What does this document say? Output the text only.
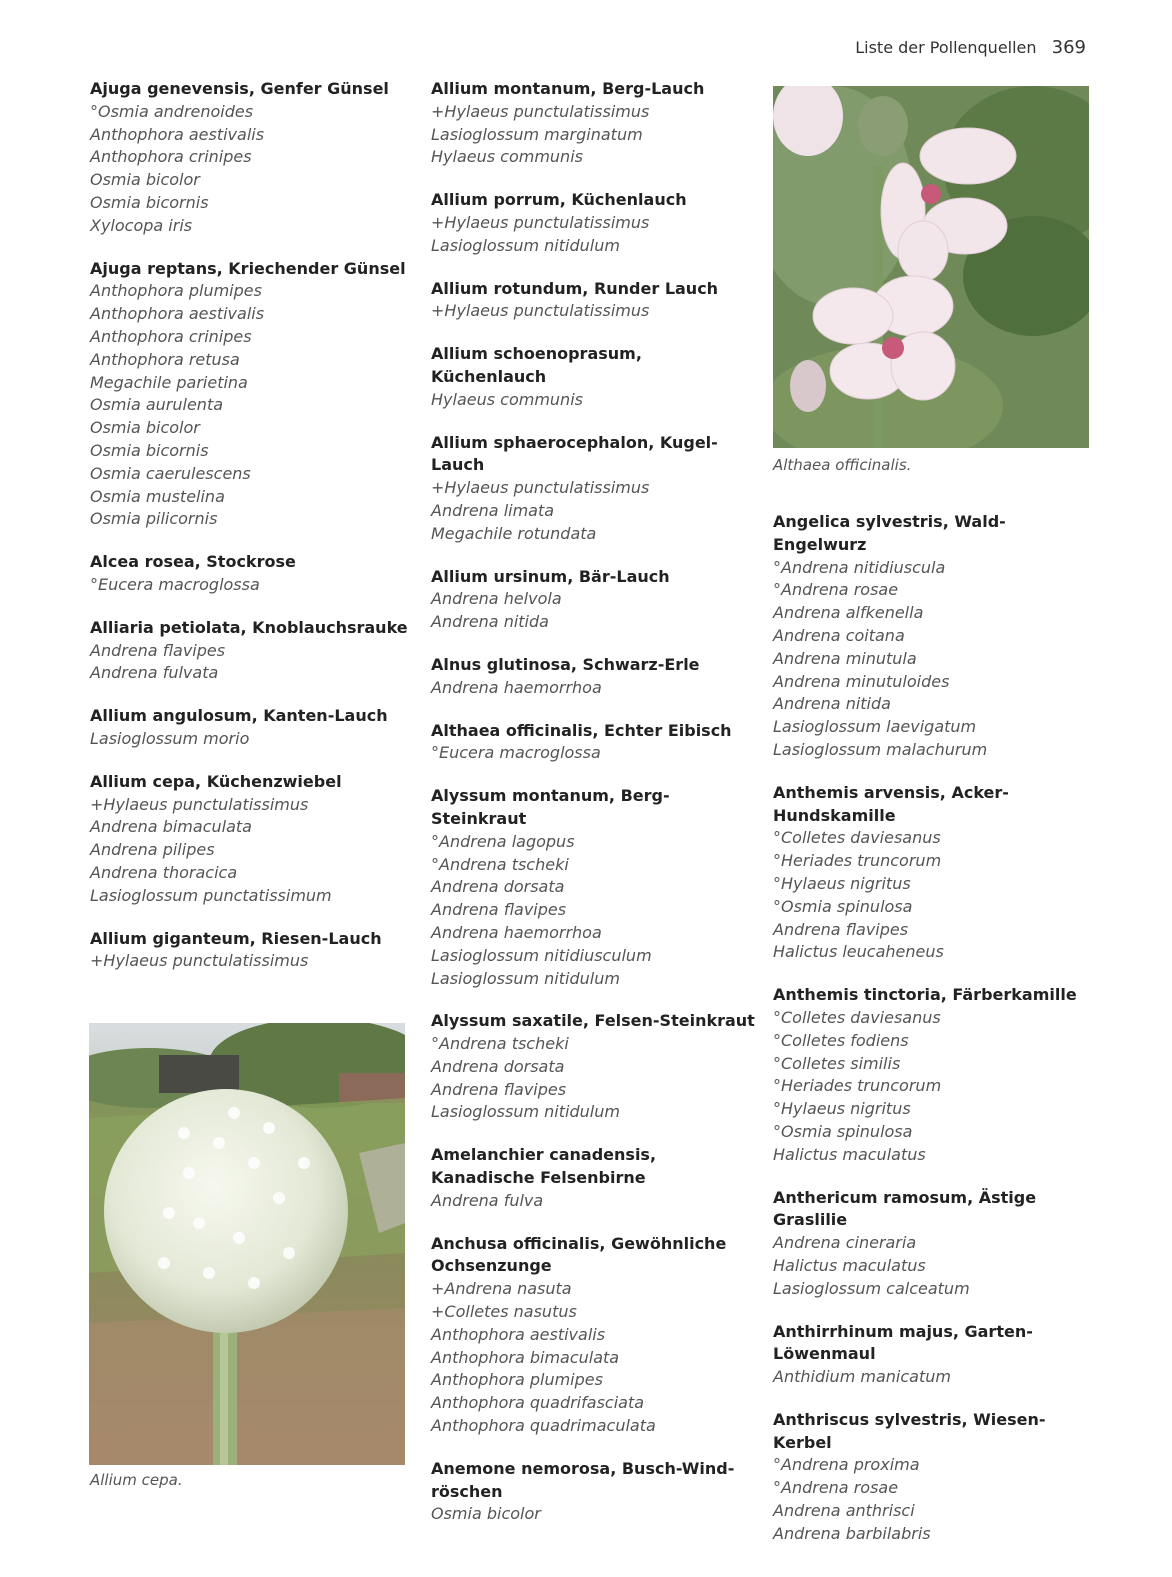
Liste der Pollenquellen 369
Ajuga genevensis, Genfer Günsel
°Osmia andrenoides
Anthophora aestivalis
Anthophora crinipes
Osmia bicolor
Osmia bicornis
Xylocopa iris
Ajuga reptans, Kriechender Günsel
Anthophora plumipes
Anthophora aestivalis
Anthophora crinipes
Anthophora retusa
Megachile parietina
Osmia aurulenta
Osmia bicolor
Osmia bicornis
Osmia caerulescens
Osmia mustelina
Osmia pilicornis
Alcea rosea, Stockrose
°Eucera macroglossa
Alliaria petiolata, Knoblauchsrauke
Andrena flavipes
Andrena fulvata
Allium angulosum, Kanten-Lauch
Lasioglossum morio
Allium cepa, Küchenzwiebel
+Hylaeus punctulatissimus
Andrena bimaculata
Andrena pilipes
Andrena thoracica
Lasioglossum punctatissimum
Allium giganteum, Riesen-Lauch
+Hylaeus punctulatissimus
Allium montanum, Berg-Lauch
+Hylaeus punctulatissimus
Lasioglossum marginatum
Hylaeus communis
Allium porrum, Küchenlauch
+Hylaeus punctulatissimus
Lasioglossum nitidulum
Allium rotundum, Runder Lauch
+Hylaeus punctulatissimus
Allium schoenoprasum, Küchenlauch
Hylaeus communis
Allium sphaerocephalon, Kugel-Lauch
+Hylaeus punctulatissimus
Andrena limata
Megachile rotundata
Allium ursinum, Bär-Lauch
Andrena helvola
Andrena nitida
Alnus glutinosa, Schwarz-Erle
Andrena haemorrhoa
Althaea officinalis, Echter Eibisch
°Eucera macroglossa
Alyssum montanum, Berg-Steinkraut
°Andrena lagopus
°Andrena tscheki
Andrena dorsata
Andrena flavipes
Andrena haemorrhoa
Lasioglossum nitidiusculum
Lasioglossum nitidulum
Alyssum saxatile, Felsen-Steinkraut
°Andrena tscheki
Andrena dorsata
Andrena flavipes
Lasioglossum nitidulum
Amelanchier canadensis, Kanadische Felsenbirne
Andrena fulva
Anchusa officinalis, Gewöhnliche Ochsenzunge
+Andrena nasuta
+Colletes nasutus
Anthophora aestivalis
Anthophora bimaculata
Anthophora plumipes
Anthophora quadrifasciata
Anthophora quadrimaculata
Anemone nemorosa, Busch-Wind-röschen
Osmia bicolor
Angelica sylvestris, Wald-Engelwurz
°Andrena nitidiuscula
°Andrena rosae
Andrena alfkenella
Andrena coitana
Andrena minutula
Andrena minutuloides
Andrena nitida
Lasioglossum laevigatum
Lasioglossum malachurum
Anthemis arvensis, Acker-Hundskamille
°Colletes daviesanus
°Heriades truncorum
°Hylaeus nigritus
°Osmia spinulosa
Andrena flavipes
Halictus leucaheneus
Anthemis tinctoria, Färberkamille
°Colletes daviesanus
°Colletes fodiens
°Colletes similis
°Heriades truncorum
°Hylaeus nigritus
°Osmia spinulosa
Halictus maculatus
Anthericum ramosum, Ästige Graslilie
Andrena cineraria
Halictus maculatus
Lasioglossum calceatum
Anthirrhinum majus, Garten-Löwenmaul
Anthidium manicatum
Anthriscus sylvestris, Wiesen-Kerbel
°Andrena proxima
°Andrena rosae
Andrena anthrisci
Andrena barbilabris
Allium cepa.
Althaea officinalis.
